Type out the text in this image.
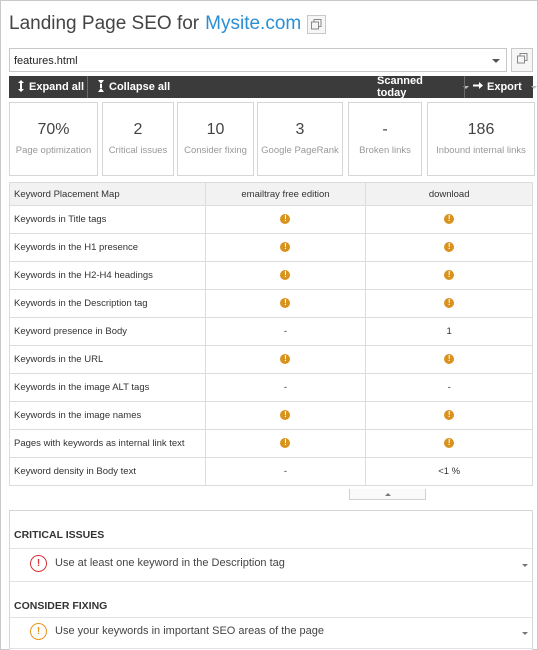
Landing Page SEO for Mysite.com
features.html
Expand all Collapse all	Scanned today	Export
70%
Page optimization
2
Critical issues
10
Consider fixing
3
Google PageRank
-
Broken links
186
Inbound internal links
Keyword Placement Map	emailtray free edition	download
Keywords in Title tags	!	!
Keywords in the H1 presence	!	!
Keywords in the H2-H4 headings	!	!
Keywords in the Description tag	!	!
Keyword presence in Body	-	1
Keywords in the URL	!	!
Keywords in the image ALT tags	-	-
Keywords in the image names	!	!
Pages with keywords as internal link text	!	!
Keyword density in Body text	-	<1 %
CRITICAL ISSUES
!	Use at least one keyword in the Description tag
CONSIDER FIXING
!	Use your keywords in important SEO areas of the page
